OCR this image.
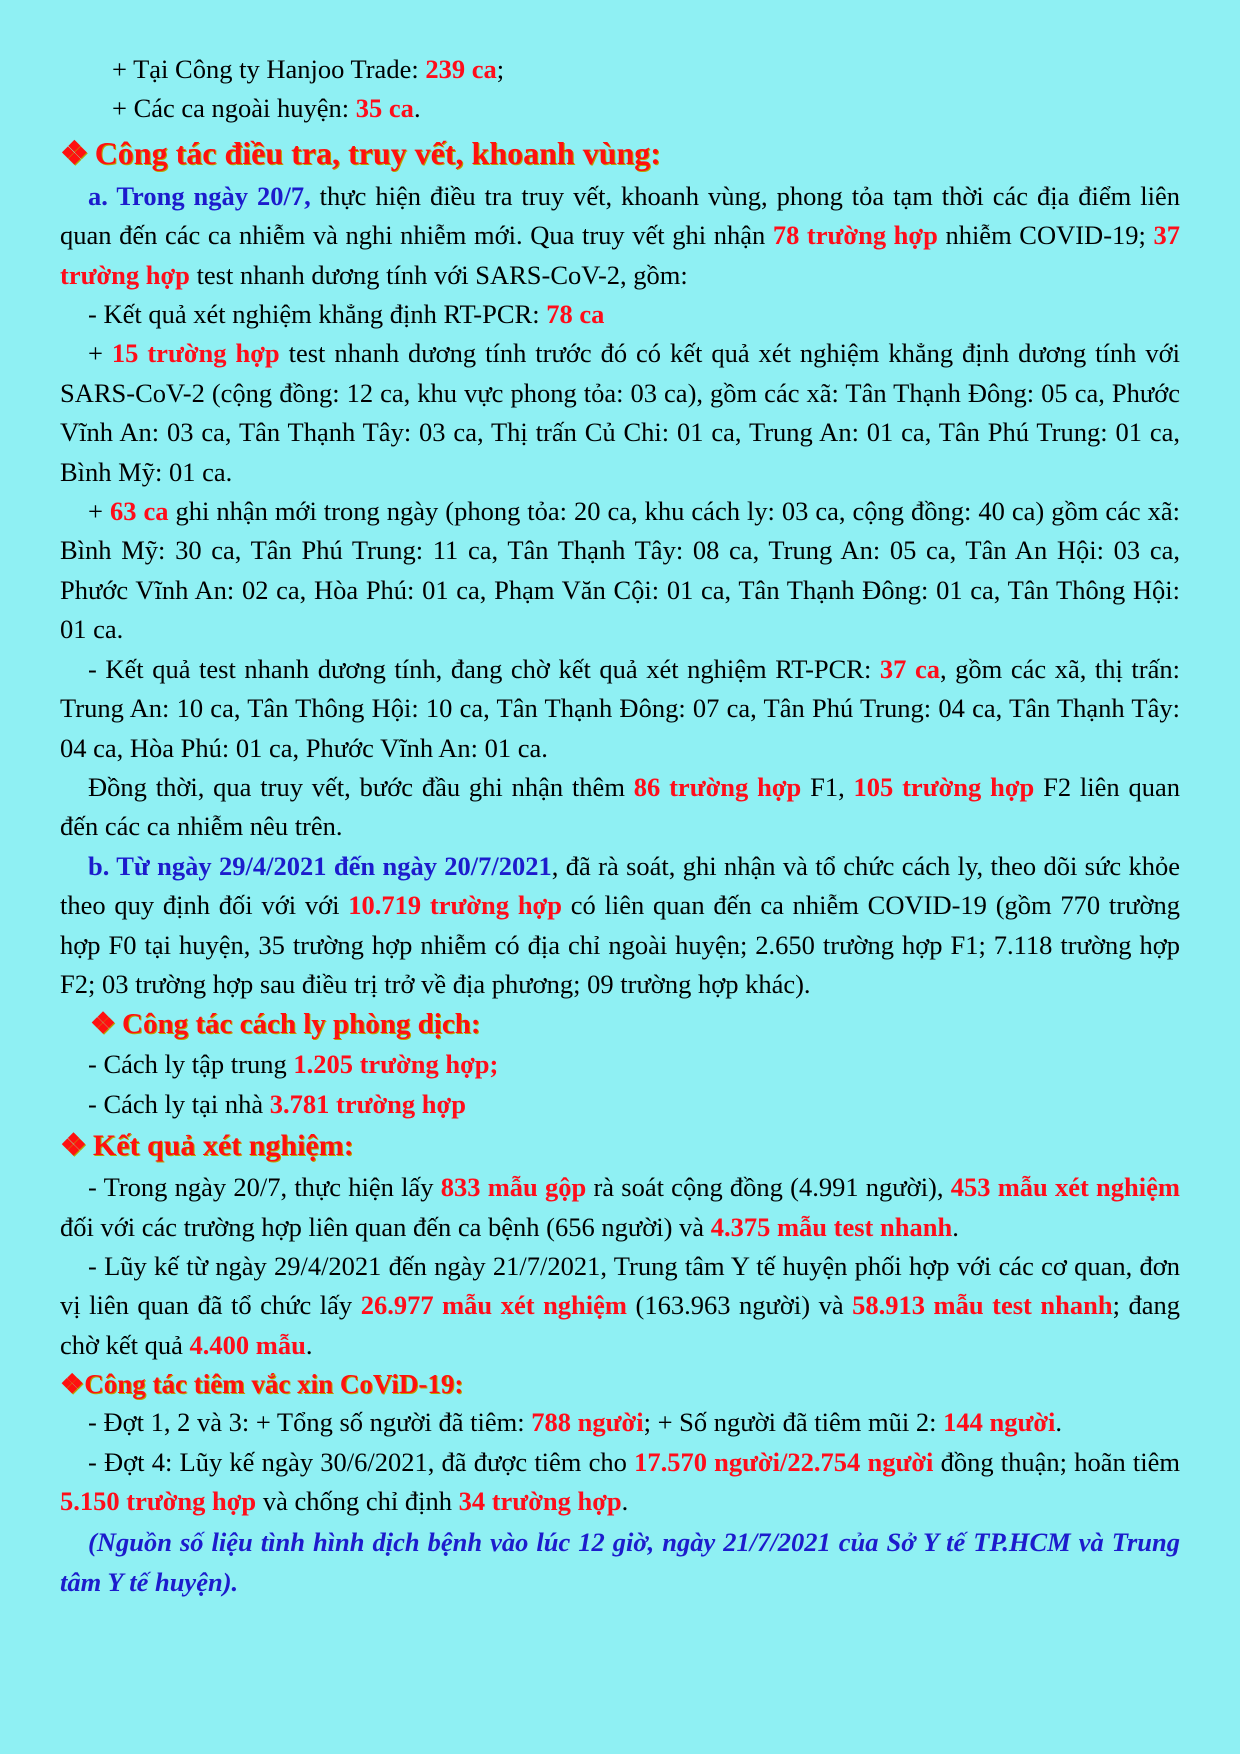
+ Tại Công ty Hanjoo Trade: 239 ca;

+ Các ca ngoài huyện: 35 ca.

❖ Công tác điều tra, truy vết, khoanh vùng:

a. Trong ngày 20/7, thực hiện điều tra truy vết, khoanh vùng, phong tỏa tạm thời các địa điểm liên quan đến các ca nhiễm và nghi nhiễm mới. Qua truy vết ghi nhận 78 trường hợp nhiễm COVID-19; 37 trường hợp test nhanh dương tính với SARS-CoV-2, gồm:

- Kết quả xét nghiệm khẳng định RT-PCR: 78 ca

+ 15 trường hợp test nhanh dương tính trước đó có kết quả xét nghiệm khẳng định dương tính với SARS-CoV-2 (cộng đồng: 12 ca, khu vực phong tỏa: 03 ca), gồm các xã: Tân Thạnh Đông: 05 ca, Phước Vĩnh An: 03 ca, Tân Thạnh Tây: 03 ca, Thị trấn Củ Chi: 01 ca, Trung An: 01 ca, Tân Phú Trung: 01 ca, Bình Mỹ: 01 ca.

+ 63 ca ghi nhận mới trong ngày (phong tỏa: 20 ca, khu cách ly: 03 ca, cộng đồng: 40 ca) gồm các xã: Bình Mỹ: 30 ca, Tân Phú Trung: 11 ca, Tân Thạnh Tây: 08 ca, Trung An: 05 ca, Tân An Hội: 03 ca, Phước Vĩnh An: 02 ca, Hòa Phú: 01 ca, Phạm Văn Cội: 01 ca, Tân Thạnh Đông: 01 ca, Tân Thông Hội: 01 ca.

- Kết quả test nhanh dương tính, đang chờ kết quả xét nghiệm RT-PCR: 37 ca, gồm các xã, thị trấn: Trung An: 10 ca, Tân Thông Hội: 10 ca, Tân Thạnh Đông: 07 ca, Tân Phú Trung: 04 ca, Tân Thạnh Tây: 04 ca, Hòa Phú: 01 ca, Phước Vĩnh An: 01 ca.

Đồng thời, qua truy vết, bước đầu ghi nhận thêm 86 trường hợp F1, 105 trường hợp F2 liên quan đến các ca nhiễm nêu trên.

b. Từ ngày 29/4/2021 đến ngày 20/7/2021, đã rà soát, ghi nhận và tổ chức cách ly, theo dõi sức khỏe theo quy định đối với với 10.719 trường hợp có liên quan đến ca nhiễm COVID-19 (gồm 770 trường hợp F0 tại huyện, 35 trường hợp nhiễm có địa chỉ ngoài huyện; 2.650 trường hợp F1; 7.118 trường hợp F2; 03 trường hợp sau điều trị trở về địa phương; 09 trường hợp khác).

❖ Công tác cách ly phòng dịch:

- Cách ly tập trung 1.205 trường hợp;

- Cách ly tại nhà 3.781 trường hợp

❖ Kết quả xét nghiệm:

- Trong ngày 20/7, thực hiện lấy 833 mẫu gộp rà soát cộng đồng (4.991 người), 453 mẫu xét nghiệm đối với các trường hợp liên quan đến ca bệnh (656 người) và 4.375 mẫu test nhanh.

- Lũy kế từ ngày 29/4/2021 đến ngày 21/7/2021, Trung tâm Y tế huyện phối hợp với các cơ quan, đơn vị liên quan đã tổ chức lấy 26.977 mẫu xét nghiệm (163.963 người) và 58.913 mẫu test nhanh; đang chờ kết quả 4.400 mẫu.

❖Công tác tiêm vắc xin CoViD-19:

- Đợt 1, 2 và 3: + Tổng số người đã tiêm: 788 người; + Số người đã tiêm mũi 2: 144 người.

- Đợt 4: Lũy kế ngày 30/6/2021, đã được tiêm cho 17.570 người/22.754 người đồng thuận; hoãn tiêm 5.150 trường hợp và chống chỉ định 34 trường hợp.

(Nguồn số liệu tình hình dịch bệnh vào lúc 12 giờ, ngày 21/7/2021 của Sở Y tế TP.HCM và Trung tâm Y tế huyện).
